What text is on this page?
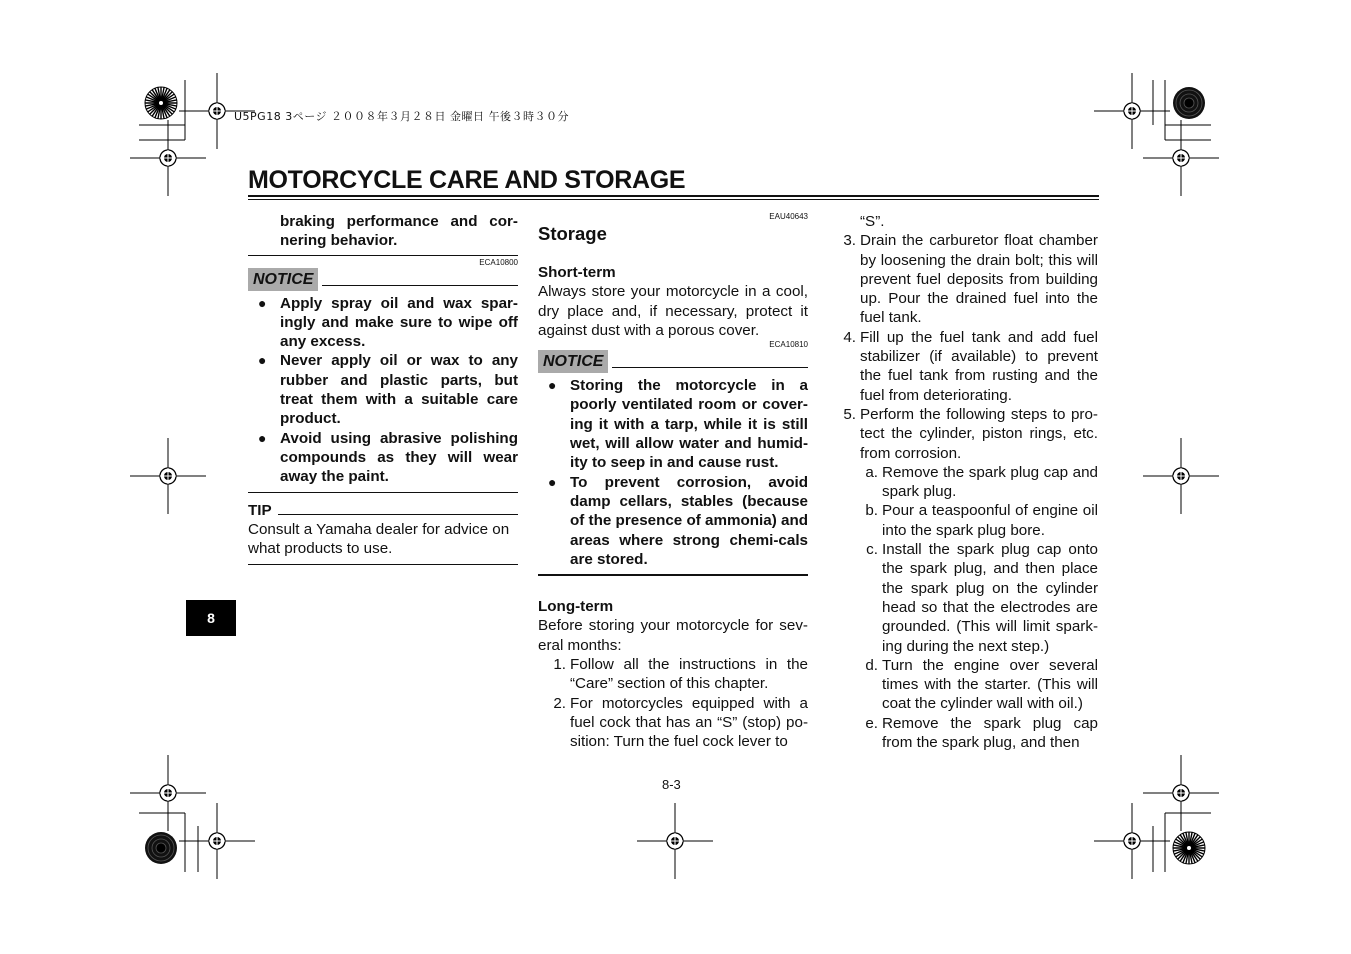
U5PG18 3ページ ２００８年３月２８日 金曜日 午後３時３０分
MOTORCYCLE CARE AND STORAGE
braking performance and cor-nering behavior.
ECA10800
NOTICE
● Apply spray oil and wax spar-ingly and make sure to wipe off any excess.
● Never apply oil or wax to any rubber and plastic parts, but treat them with a suitable care product.
● Avoid using abrasive polishing compounds as they will wear away the paint.
TIP
Consult a Yamaha dealer for advice on what products to use.
EAU40643
Storage
Short-term
Always store your motorcycle in a cool, dry place and, if necessary, protect it against dust with a porous cover.
ECA10810
NOTICE
● Storing the motorcycle in a poorly ventilated room or cover-ing it with a tarp, while it is still wet, will allow water and humid-ity to seep in and cause rust.
● To prevent corrosion, avoid damp cellars, stables (because of the presence of ammonia) and areas where strong chemi-cals are stored.
Long-term
Before storing your motorcycle for sev-eral months:
1. Follow all the instructions in the “Care” section of this chapter.
2. For motorcycles equipped with a fuel cock that has an “S” (stop) po-sition: Turn the fuel cock lever to
“S”.
3. Drain the carburetor float chamber by loosening the drain bolt; this will prevent fuel deposits from building up. Pour the drained fuel into the fuel tank.
4. Fill up the fuel tank and add fuel stabilizer (if available) to prevent the fuel tank from rusting and the fuel from deteriorating.
5. Perform the following steps to pro-tect the cylinder, piston rings, etc. from corrosion.
a. Remove the spark plug cap and spark plug.
b. Pour a teaspoonful of engine oil into the spark plug bore.
c. Install the spark plug cap onto the spark plug, and then place the spark plug on the cylinder head so that the electrodes are grounded. (This will limit spark-ing during the next step.)
d. Turn the engine over several times with the starter. (This will coat the cylinder wall with oil.)
e. Remove the spark plug cap from the spark plug, and then
8
8-3
